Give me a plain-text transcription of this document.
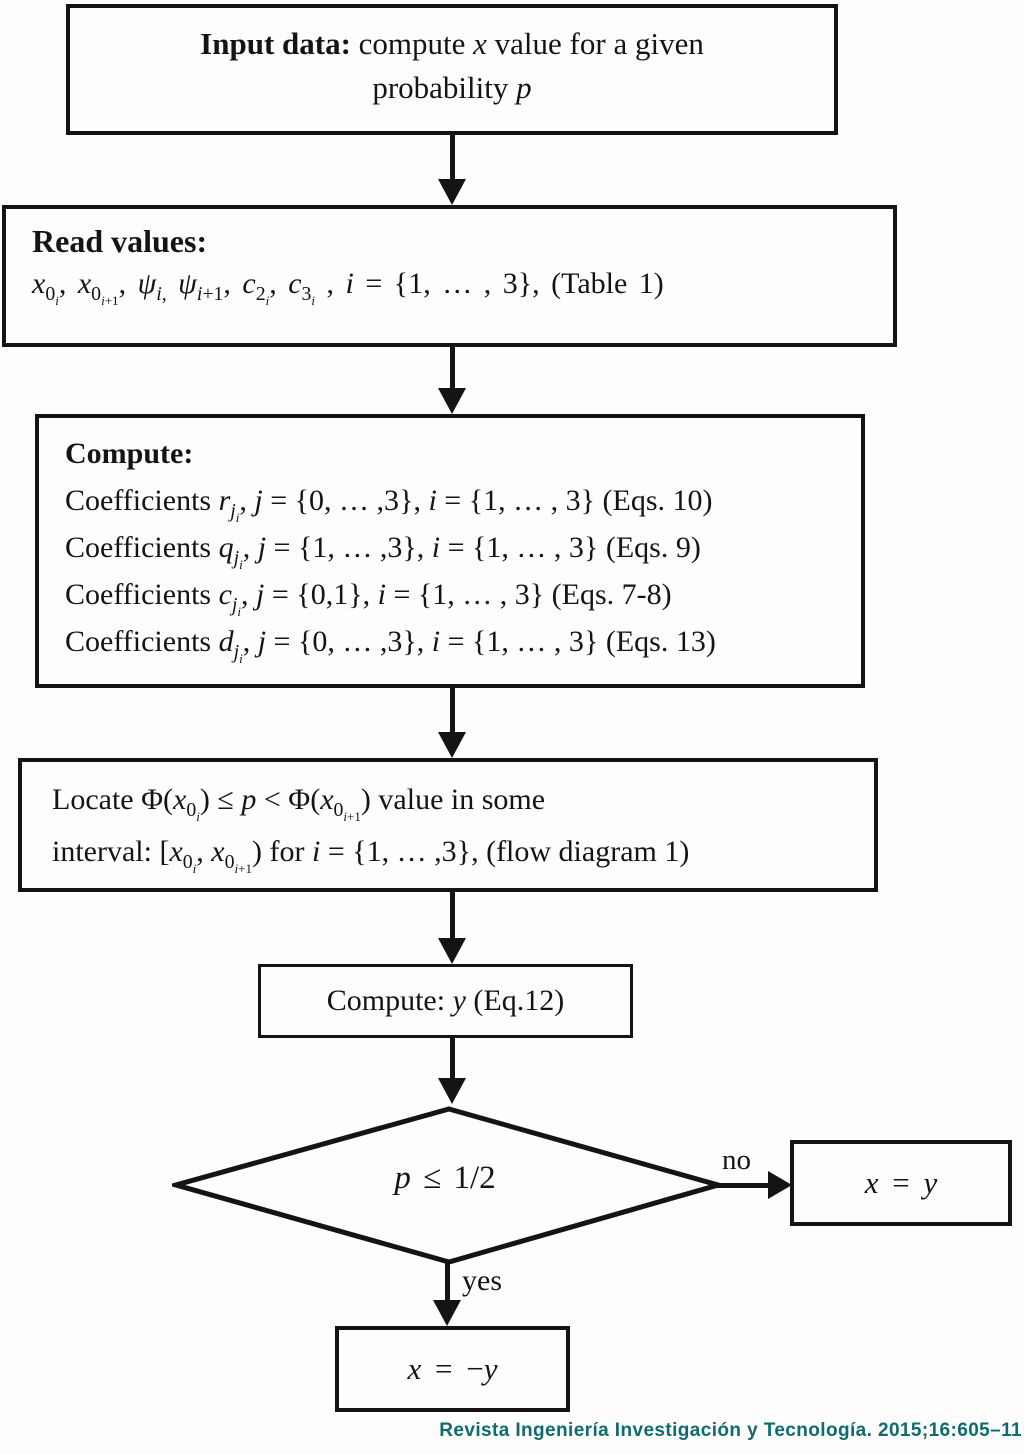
Input data: compute x value for a given
probability p
Read values:
$x_{0_i}$, $x_{0_{i+1}}$, $\psi_{i,}$ $\psi_{i+1}$, $c_{2_i}$, $c_{3_i}$ , i = {1, … , 3}, (Table 1)
Compute:
Coefficients $r_{j_i}$, j = {0, … ,3}, i = {1, … , 3} (Eqs. 10)
Coefficients $q_{j_i}$, j = {1, … ,3}, i = {1, … , 3} (Eqs. 9)
Coefficients $c_{j_i}$, j = {0,1}, i = {1, … , 3} (Eqs. 7-8)
Coefficients $d_{j_i}$, j = {0, … ,3}, i = {1, … , 3} (Eqs. 13)
Locate $\Phi(x_{0_i}) \le p < \Phi(x_{0_{i+1}})$ value in some
interval: [$x_{0_i}$, $x_{0_{i+1}}$) for i = {1, … ,3}, (flow diagram 1)
Compute: y (Eq.12)
p ≤ 1/2	no
x = y
yes
x = −y
Revista Ingeniería Investigación y Tecnología. 2015;16:605–11
